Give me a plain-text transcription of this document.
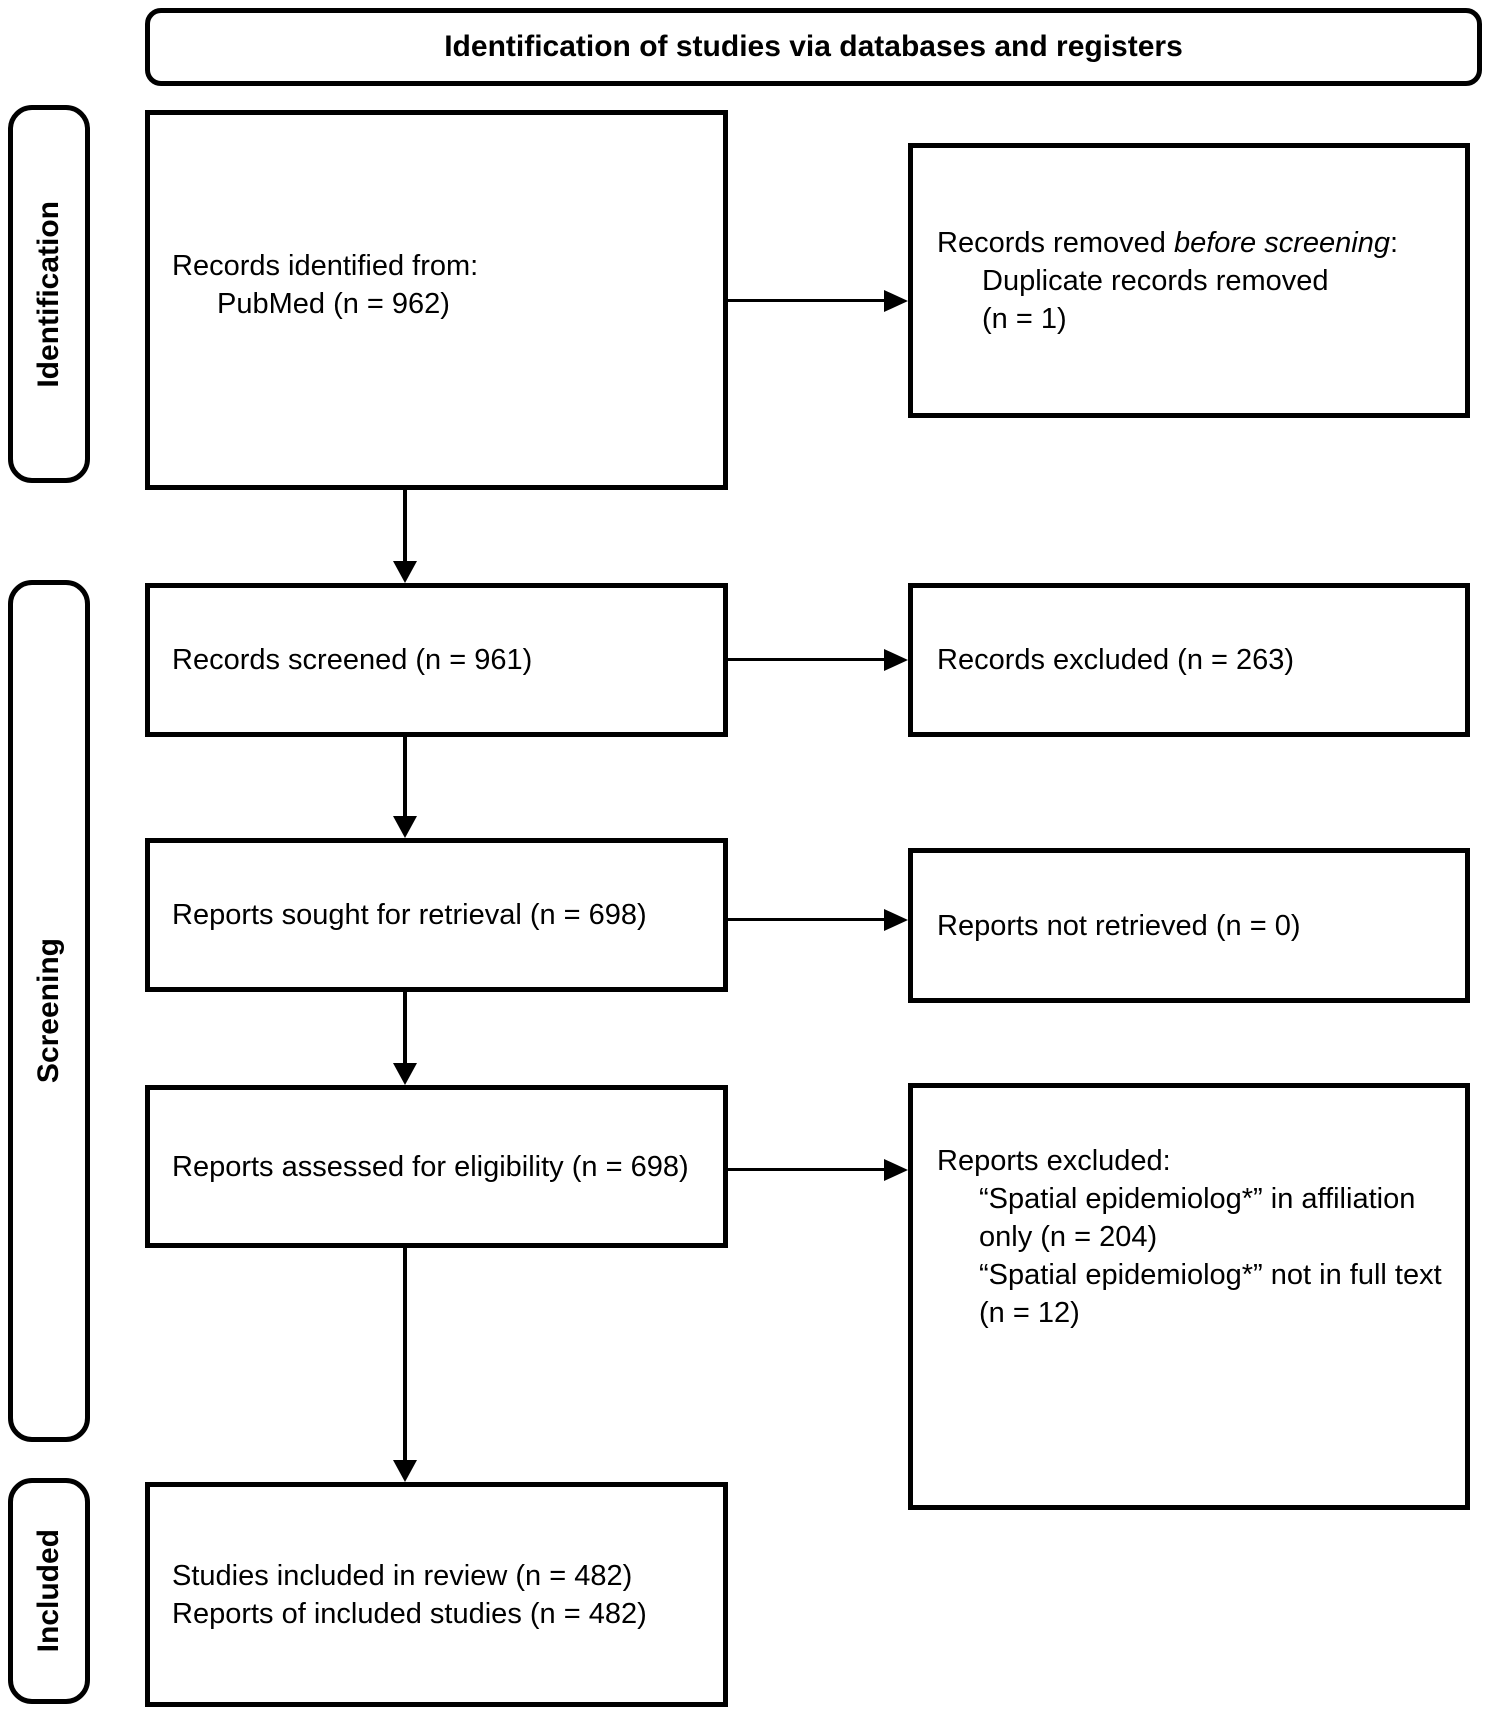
Identification of studies via databases and registers
Identification
Screening
Included
Records identified from:
PubMed (n = 962)
Records screened (n = 961)
Reports sought for retrieval (n = 698)
Reports assessed for eligibility (n = 698)
Studies included in review (n = 482)
Reports of included studies (n = 482)
Records removed before screening:
Duplicate records removed
(n = 1)
Records excluded (n = 263)
Reports not retrieved (n = 0)
Reports excluded:
“Spatial epidemiolog*” in affiliation only (n = 204)
“Spatial epidemiolog*” not in full text (n = 12)
